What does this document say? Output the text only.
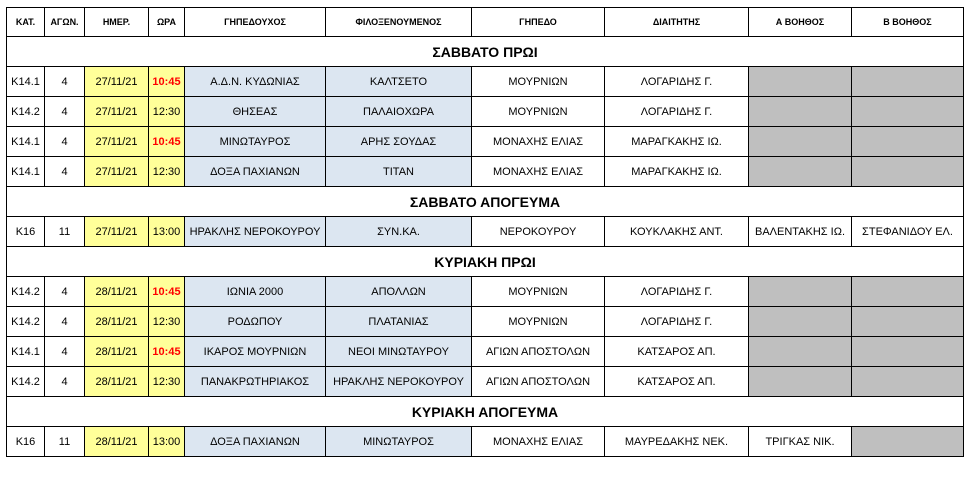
ΚΑΤ.	ΑΓΩΝ.	ΗΜΕΡ.	ΩΡΑ	ΓΗΠΕΔΟΥΧΟΣ	ΦΙΛΟΞΕΝΟΥΜΕΝΟΣ	ΓΗΠΕΔΟ	ΔΙΑΙΤΗΤΗΣ	Α ΒΟΗΘΟΣ	Β ΒΟΗΘΟΣ
ΣΑΒΒΑΤΟ ΠΡΩΙ									
K14.1	4	27/11/21	10:45	Α.Δ.Ν. ΚΥΔΩΝΙΑΣ	ΚΑΛΤΣΕΤΟ	ΜΟΥΡΝΙΩΝ	ΛΟΓΑΡΙΔΗΣ Γ.		
K14.2	4	27/11/21	12:30	ΘΗΣΕΑΣ	ΠΑΛΑΙΟΧΩΡΑ	ΜΟΥΡΝΙΩΝ	ΛΟΓΑΡΙΔΗΣ Γ.		
K14.1	4	27/11/21	10:45	ΜΙΝΩΤΑΥΡΟΣ	ΑΡΗΣ ΣΟΥΔΑΣ	ΜΟΝΑΧΗΣ ΕΛΙΑΣ	ΜΑΡΑΓΚΑΚΗΣ ΙΩ.		
K14.1	4	27/11/21	12:30	ΔΟΞΑ ΠΑΧΙΑΝΩΝ	ΤΙΤΑΝ	ΜΟΝΑΧΗΣ ΕΛΙΑΣ	ΜΑΡΑΓΚΑΚΗΣ ΙΩ.		
ΣΑΒΒΑΤΟ ΑΠΟΓΕΥΜΑ									
K16	11	27/11/21	13:00	ΗΡΑΚΛΗΣ ΝΕΡΟΚΟΥΡΟΥ	ΣΥΝ.ΚΑ.	ΝΕΡΟΚΟΥΡΟΥ	ΚΟΥΚΛΑΚΗΣ ΑΝΤ.	ΒΑΛΕΝΤΑΚΗΣ ΙΩ.	ΣΤΕΦΑΝΙΔΟΥ ΕΛ.
ΚΥΡΙΑΚΗ ΠΡΩΙ									
K14.2	4	28/11/21	10:45	ΙΩΝΙΑ 2000	ΑΠΟΛΛΩΝ	ΜΟΥΡΝΙΩΝ	ΛΟΓΑΡΙΔΗΣ Γ.		
K14.2	4	28/11/21	12:30	ΡΟΔΩΠΟΥ	ΠΛΑΤΑΝΙΑΣ	ΜΟΥΡΝΙΩΝ	ΛΟΓΑΡΙΔΗΣ Γ.		
K14.1	4	28/11/21	10:45	ΙΚΑΡΟΣ ΜΟΥΡΝΙΩΝ	ΝΕΟΙ ΜΙΝΩΤΑΥΡΟΥ	ΑΓΙΩΝ ΑΠΟΣΤΟΛΩΝ	ΚΑΤΣΑΡΟΣ ΑΠ.		
K14.2	4	28/11/21	12:30	ΠΑΝΑΚΡΩΤΗΡΙΑΚΟΣ	ΗΡΑΚΛΗΣ ΝΕΡΟΚΟΥΡΟΥ	ΑΓΙΩΝ ΑΠΟΣΤΟΛΩΝ	ΚΑΤΣΑΡΟΣ ΑΠ.		
ΚΥΡΙΑΚΗ ΑΠΟΓΕΥΜΑ									
K16	11	28/11/21	13:00	ΔΟΞΑ ΠΑΧΙΑΝΩΝ	ΜΙΝΩΤΑΥΡΟΣ	ΜΟΝΑΧΗΣ ΕΛΙΑΣ	ΜΑΥΡΕΔΑΚΗΣ ΝΕΚ.	ΤΡΙΓΚΑΣ ΝΙΚ.	
